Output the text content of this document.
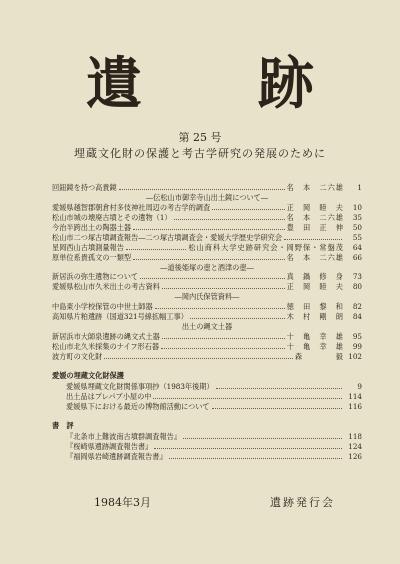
遺　跡
第 25 号
埋蔵文化財の保護と考古学研究の発展のために
回鈕鏡を持つ高貴鏡	名　本　二六雄	1
―伝松山市御幸寺山出土鏡について―
愛媛県越智郡朝倉村多伎神社周辺の考古学的調査	正　岡　睦　夫	10
松山市城の壊廃古墳とその遺物（1）	名　本　二六雄	35
今治半跨出土の陶器土器	豊　田　正　伸	50
松山市二つ塚古墳調査報告―二つ塚古墳調査会・愛媛大学歴史学研究会	55
星岡西山古墳測量報告	松山商科大学史跡研究会・岡野保・常盤茂	64
原単位系貴孤文の一類型	名　本　二六雄	66
―道後姫塚の壺と酒津の壺―
新居浜の弥生遺物について	真　鍋　修　身	73
愛媛県松山市久米出土の考古資料	正　岡　睦　夫	80
―岡内氏保管資料―
中島東小学校保管の中世土師器	徳　田　黎　和	82
高知県片粕遺跡（国道321号線拡幅工事）	木　村　剛　朗	84
出土の縄文土器
新居浜市大師泉遺跡の縄文式土器	十　亀　幸　雄	95
松山市北久米採集のナイフ形石器	十　亀　幸　雄	99
波方町の文化財	森　　　　毅 102
愛媛の埋蔵文化財保護
愛媛県埋蔵文化財関係事項抄（1983年後期）	9
出土品はプレパブ小屋の中	114
愛媛県下における最近の博物館活動について	116
書　評
『北条市上難波南古墳群調査報告』	118
『桜崎県遺跡調査報告書』	124
『福岡県岩崎遺跡調査報告書』	126
1984年3月	遺跡発行会
